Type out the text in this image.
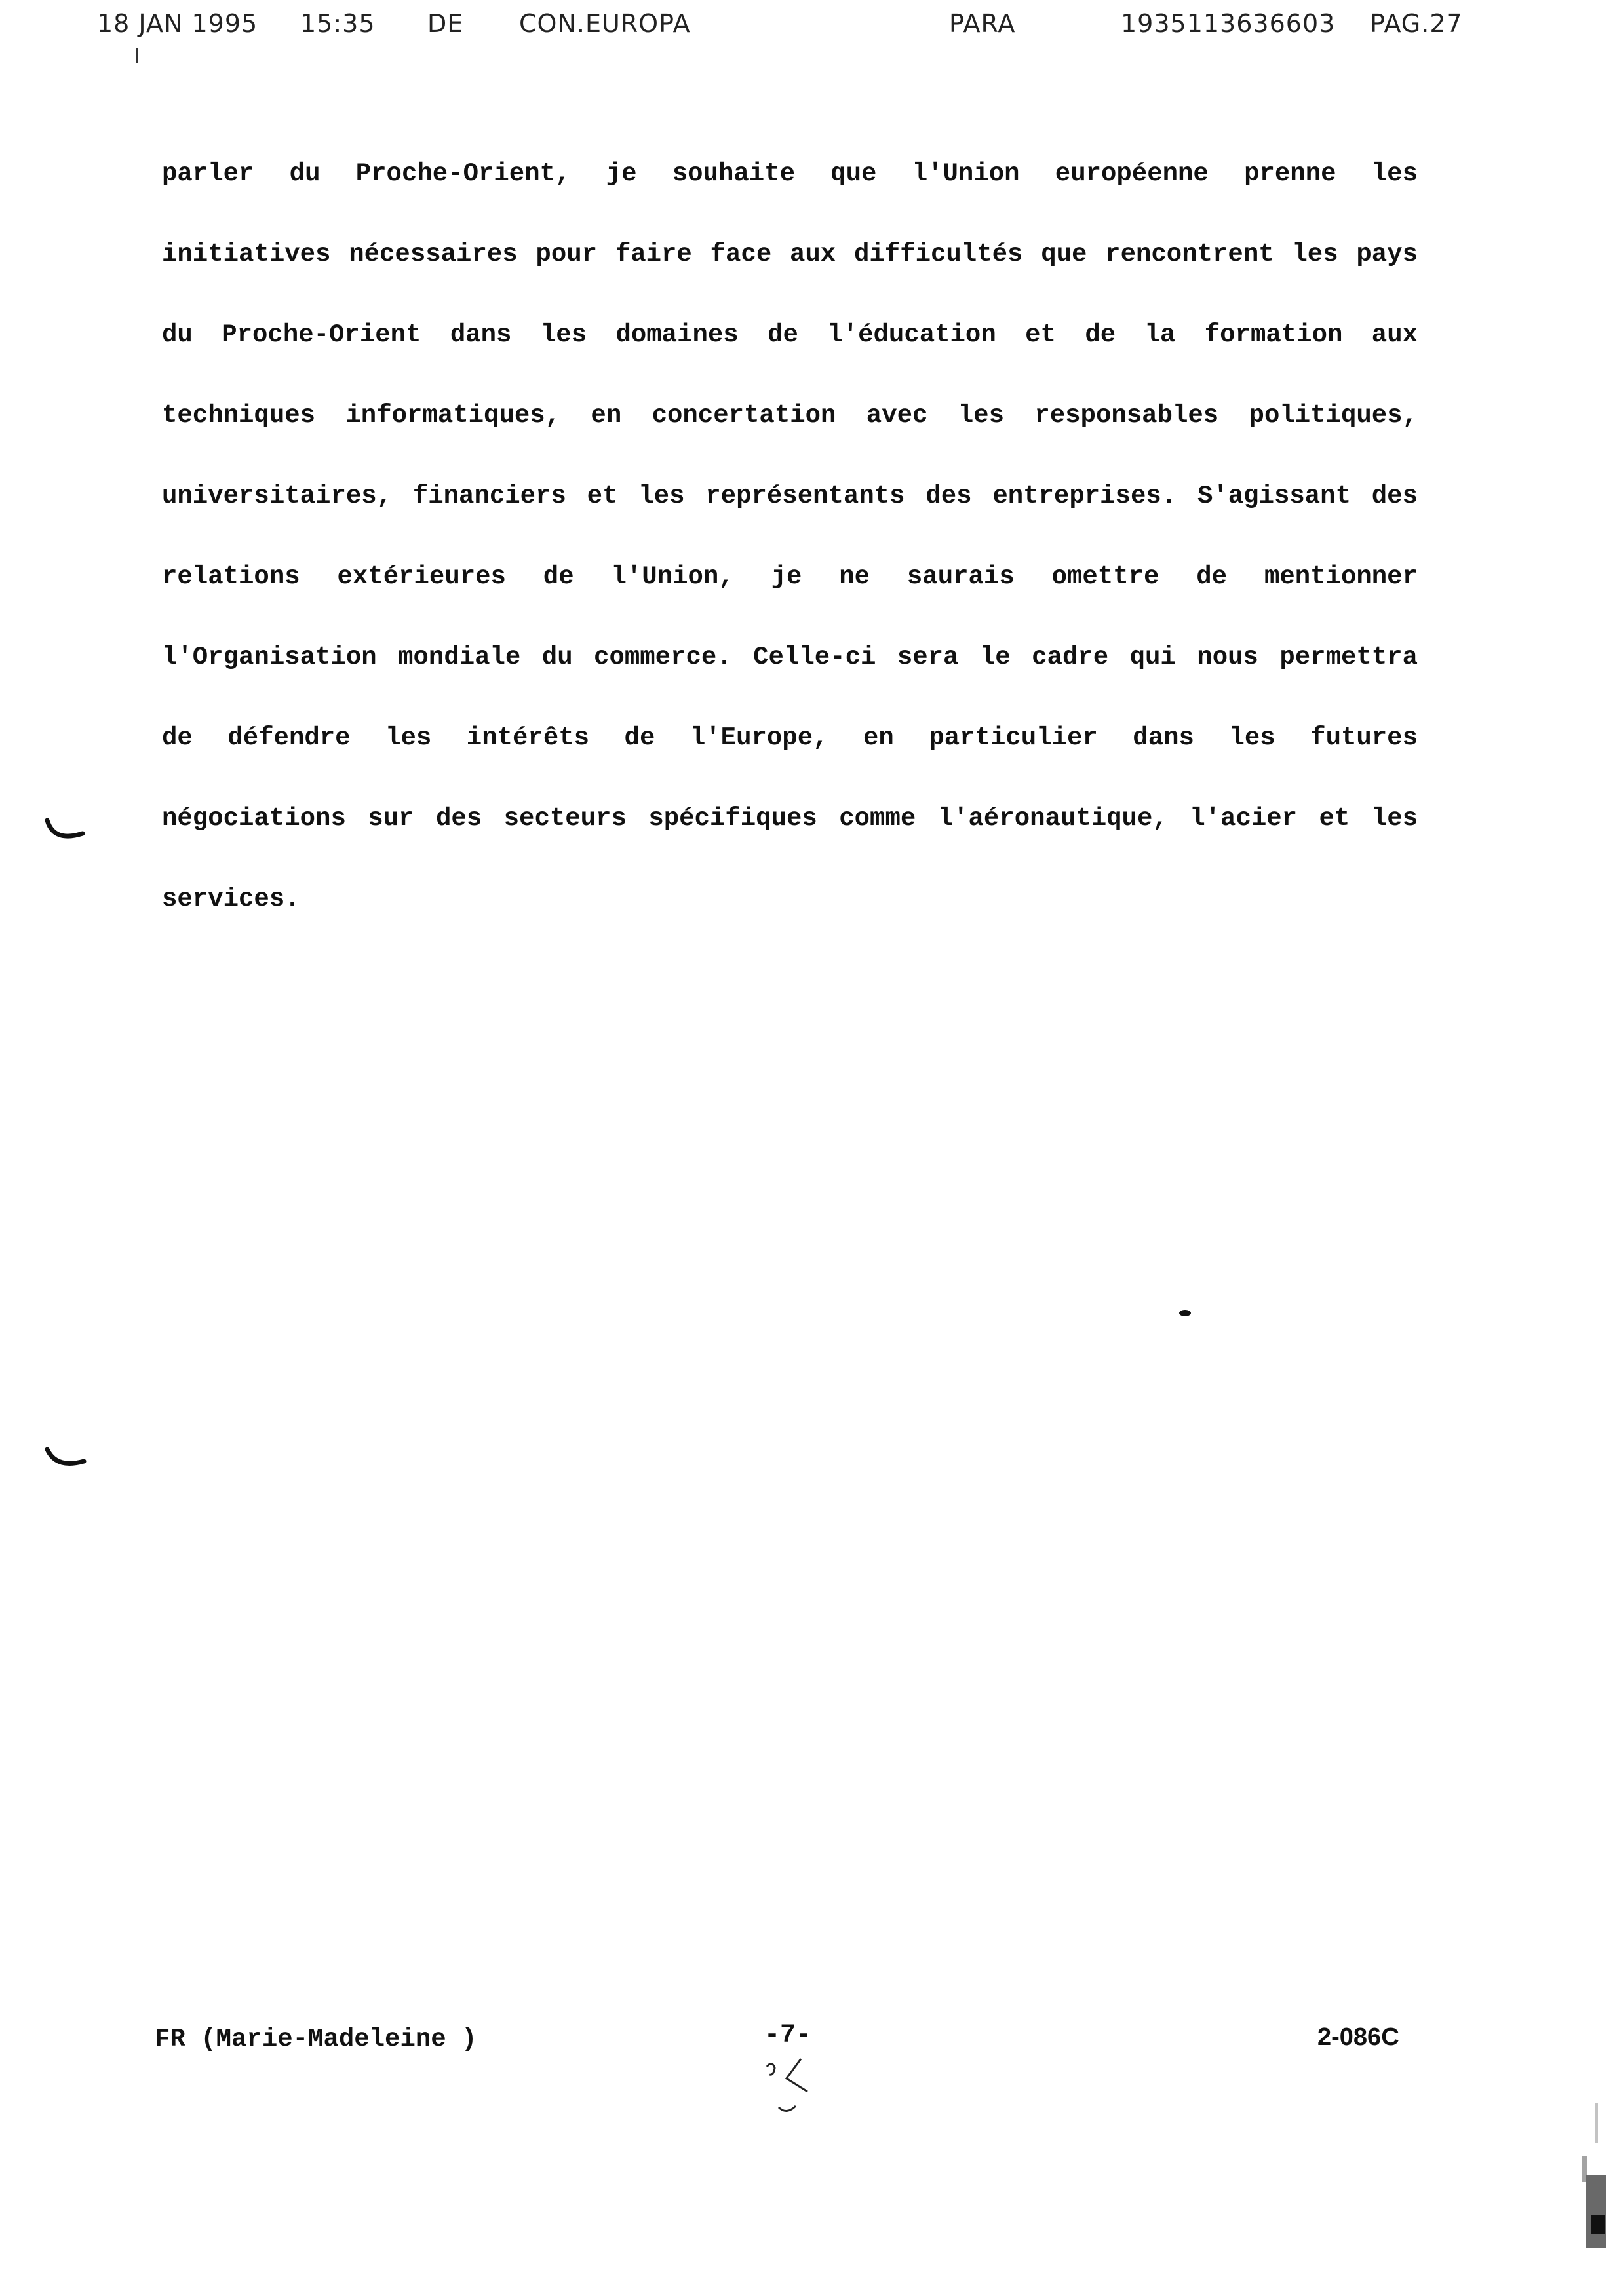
18 JAN 1995 15:35 DE CON.EUROPA	PARA	1935113636603 PAG.27
parler du Proche-Orient, je souhaite que l'Union européenne prenne les
initiatives nécessaires pour faire face aux difficultés que rencontrent les pays
du Proche-Orient dans les domaines de l'éducation et de la formation aux
techniques informatiques, en concertation avec les responsables politiques,
universitaires, financiers et les représentants des entreprises. S'agissant des
relations extérieures de l'Union, je ne saurais omettre de mentionner
l'Organisation mondiale du commerce. Celle-ci sera le cadre qui nous permettra
de défendre les intérêts de l'Europe, en particulier dans les futures
négociations sur des secteurs spécifiques comme l'aéronautique, l'acier et les
services.
FR (Marie-Madeleine )	-7-	2-086C
